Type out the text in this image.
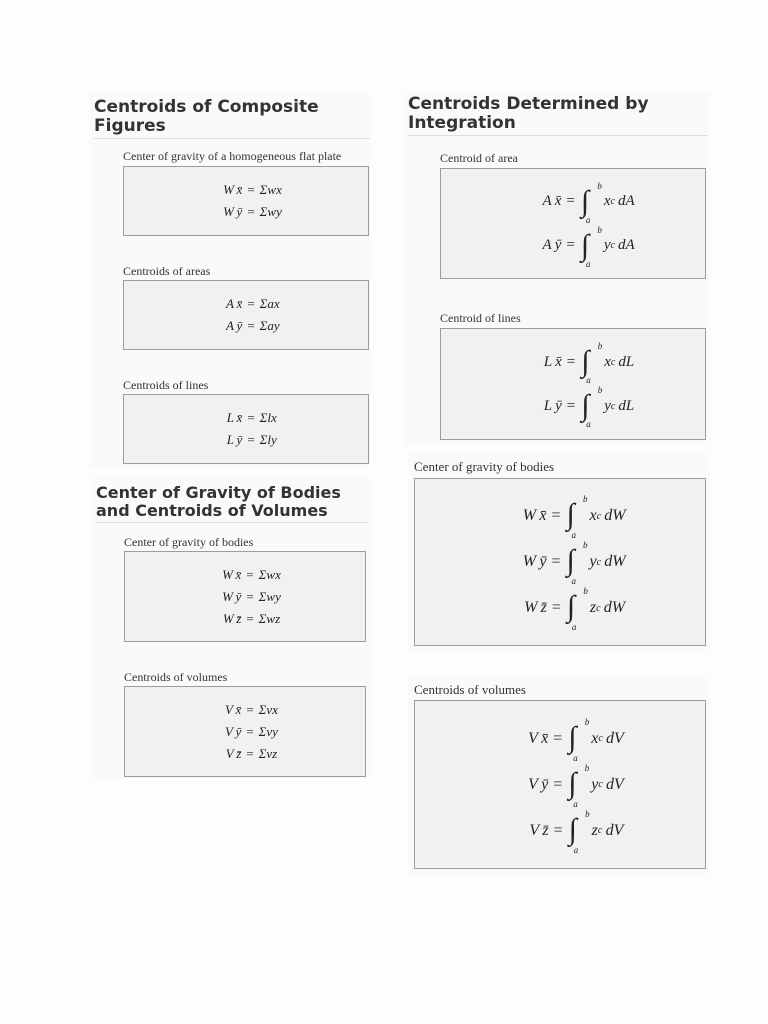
Centroids of Composite Figures
Center of gravity of a homogeneous flat plate
W  x̄ = Σwx
W  ȳ = Σwy
Centroids of areas
A  x̄ = Σax
A  ȳ = Σay
Centroids of lines
L  x̄ = Σlx
L  ȳ = Σly
Center of Gravity of Bodies and Centroids of Volumes
Center of gravity of bodies
W  x̄ = Σwx
W  ȳ = Σwy
W  z̄ = Σwz
Centroids of volumes
V  x̄ = Σvx
V  ȳ = Σvy
V  z̄ = Σvz
Centroids Determined by Integration
Centroid of area
A  x̄ = ∫ b
a
x c
  dA
A  ȳ = ∫ b
a
y c
  dA
Centroid of lines
L  x̄ = ∫ b
a
x c
  dL
L  ȳ = ∫ b
a
y c
  dL
Center of gravity of bodies
W  x̄ = ∫ b
a
x c
  dW
W  ȳ = ∫ b
a
y c
  dW
W  z̄ = ∫ b
a
z c
  dW
Centroids of volumes
V  x̄ = ∫ b
a
x c
  dV
V  ȳ = ∫ b
a
y c
  dV
V  z̄ = ∫ b
a
z c
  dV
